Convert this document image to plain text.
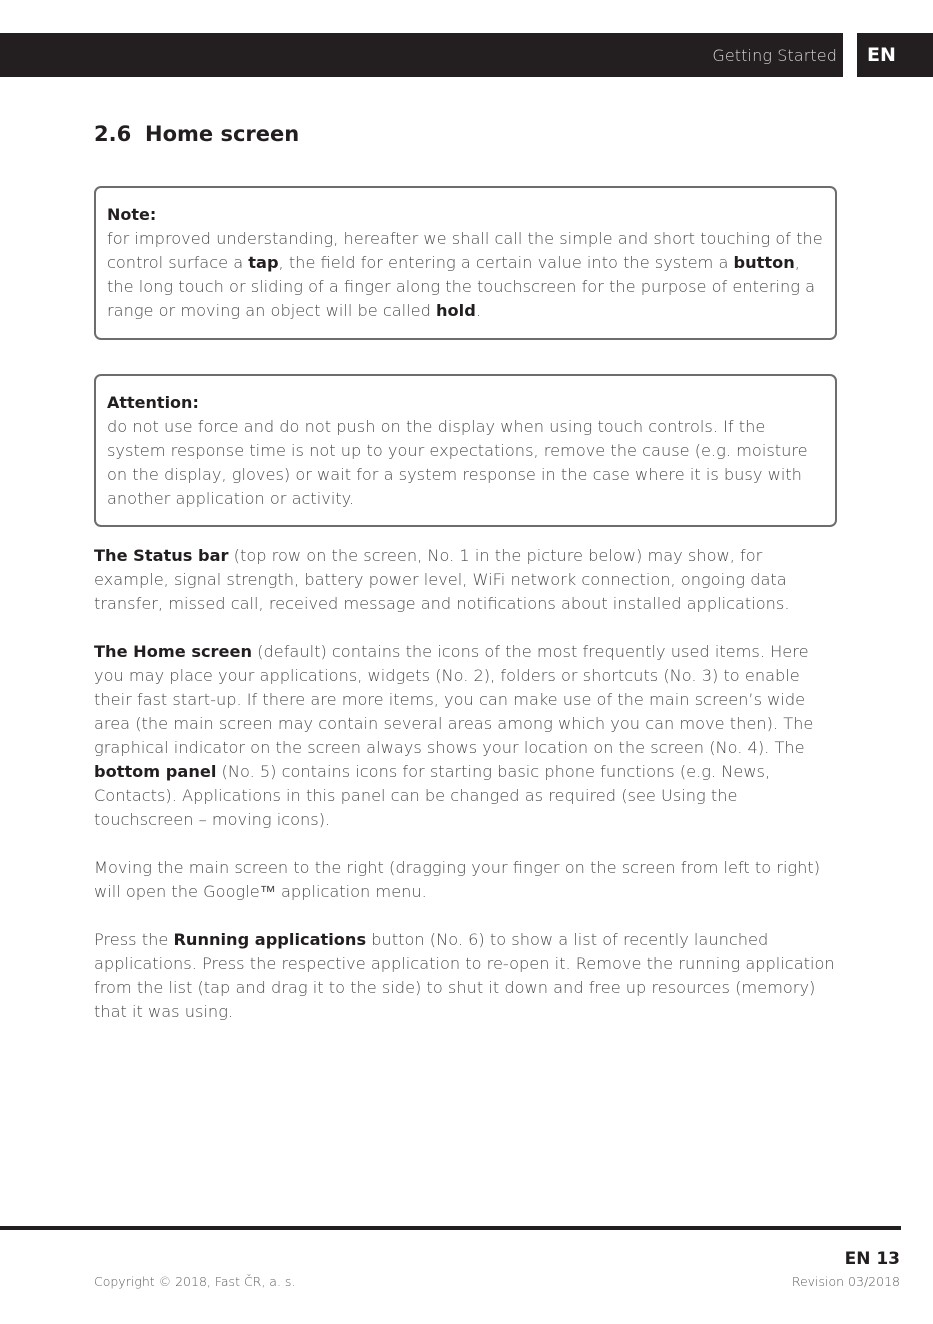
Getting Started EN
2.6 Home screen
Note:
for improved understanding, hereafter we shall call the simple and short touching of the control surface a tap, the field for entering a certain value into the system a button, the long touch or sliding of a finger along the touchscreen for the purpose of entering a range or moving an object will be called hold.
Attention:
do not use force and do not push on the display when using touch controls. If the system response time is not up to your expectations, remove the cause (e.g. moisture on the display, gloves) or wait for a system response in the case where it is busy with another application or activity.
The Status bar (top row on the screen, No. 1 in the picture below) may show, for example, signal strength, battery power level, WiFi network connection, ongoing data transfer, missed call, received message and notifications about installed applications.
The Home screen (default) contains the icons of the most frequently used items. Here you may place your applications, widgets (No. 2), folders or shortcuts (No. 3) to enable their fast start-up. If there are more items, you can make use of the main screen’s wide area (the main screen may contain several areas among which you can move then). The graphical indicator on the screen always shows your location on the screen (No. 4). The bottom panel (No. 5) contains icons for starting basic phone functions (e.g. News, Contacts). Applications in this panel can be changed as required (see Using the touchscreen – moving icons).
Moving the main screen to the right (dragging your finger on the screen from left to right) will open the Google™ application menu.
Press the Running applications button (No. 6) to show a list of recently launched applications. Press the respective application to re-open it. Remove the running application from the list (tap and drag it to the side) to shut it down and free up resources (memory) that it was using.
EN 13
Copyright © 2018, Fast ČR, a. s.	Revision 03/2018
